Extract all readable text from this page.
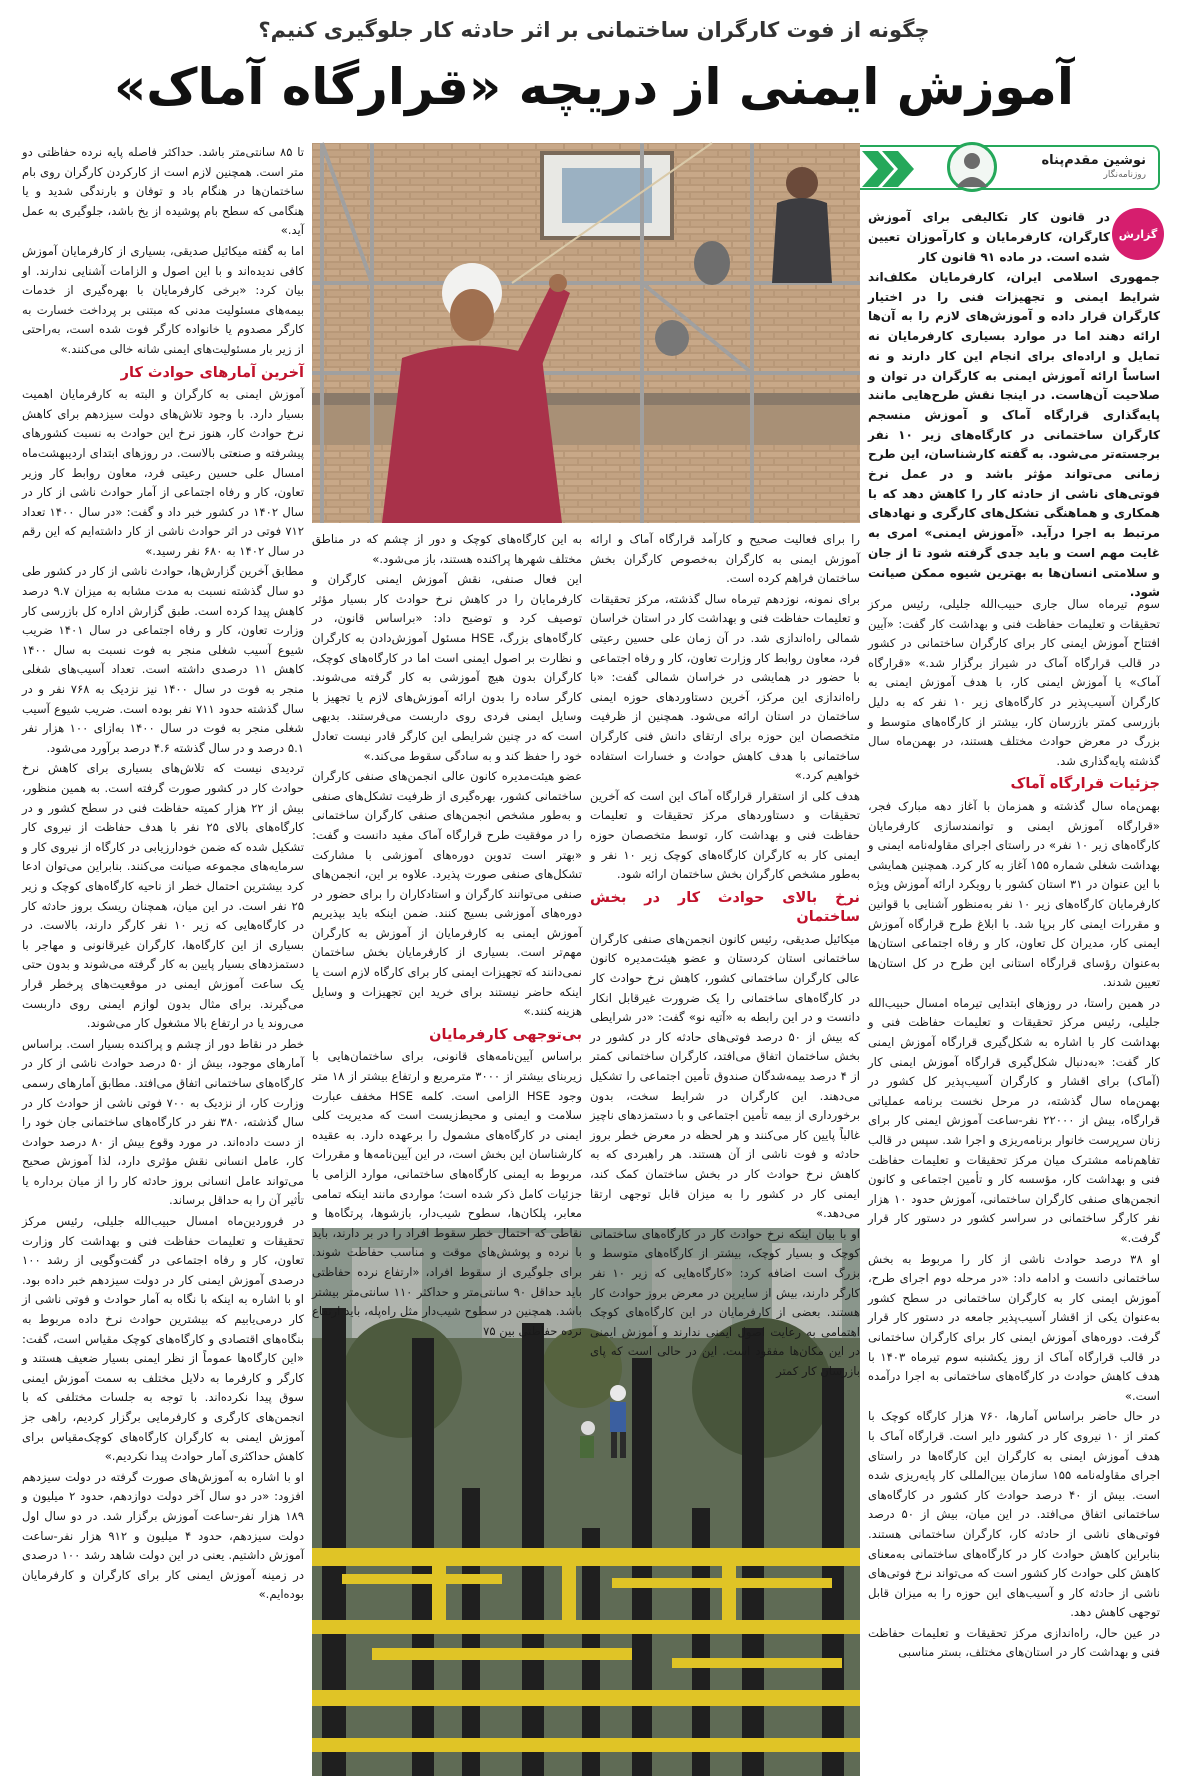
چگونه از فوت کارگران ساختمانی بر اثر حادثه کار جلوگیری کنیم؟
آموزش ایمنی از دریچه «قرارگاه آماک»
نوشین مقدم‌پناه
روزنامه‌نگار
گزارش
در قانون کار تکالیفی برای آموزش کارگران، کارفرمایان و کارآموزان تعیین شده است. در ماده ۹۱ قانون کار
جمهوری اسلامی ایران، کارفرمایان مکلف‌اند شرایط ایمنی و تجهیزات فنی را در اختیار کارگران قرار داده و آموزش‌های لازم را به آن‌ها ارائه دهند اما در موارد بسیاری کارفرمایان نه تمایل و اراده‌ای برای انجام این کار دارند و نه اساساً ارائه آموزش ایمنی به کارگران در توان و صلاحیت آن‌هاست. در اینجا نقش طرح‌هایی مانند پایه‌گذاری قرارگاه آماک و آموزش منسجم کارگران ساختمانی در کارگاه‌های زیر ۱۰ نفر برجسته‌تر می‌شود. به گفته کارشناسان، این طرح زمانی می‌تواند مؤثر باشد و در عمل نرخ فوتی‌های ناشی از حادثه کار را کاهش دهد که با همکاری و هماهنگی تشکل‌های کارگری و نهادهای مرتبط به اجرا درآید. «آموزش ایمنی» امری به غایت مهم است و باید جدی گرفته شود تا از جان و سلامتی انسان‌ها به بهترین شیوه ممکن صیانت شود.

سوم تیرماه سال جاری حبیب‌الله جلیلی، رئیس مرکز تحقیقات و تعلیمات حفاظت فنی و بهداشت کار گفت: «آیین افتتاح آموزش ایمنی کار برای کارگران ساختمانی در کشور در قالب قرارگاه آماک در شیراز برگزار شد.» «قرارگاه آماک» یا آموزش ایمنی کار، با هدف آموزش ایمنی به کارگران آسیب‌پذیر در کارگاه‌های زیر ۱۰ نفر که به دلیل بازرسی کمتر بازرسان کار، بیشتر از کارگاه‌های متوسط و بزرگ در معرض حوادث مختلف هستند، در بهمن‌ماه سال گذشته پایه‌گذاری شد.

جزئیات قرارگاه آماک

بهمن‌ماه سال گذشته و همزمان با آغاز دهه مبارک فجر، «قرارگاه آموزش ایمنی و توانمندسازی کارفرمایان کارگاه‌های زیر ۱۰ نفر» در راستای اجرای مقاوله‌نامه ایمنی و بهداشت شغلی شماره ۱۵۵ آغاز به کار کرد. همچنین همایشی با این عنوان در ۳۱ استان کشور با رویکرد ارائه آموزش ویژه کارفرمایان کارگاه‌های زیر ۱۰ نفر به‌منظور آشنایی با قوانین و مقررات ایمنی کار برپا شد. با ابلاغ طرح قرارگاه آموزش ایمنی کار، مدیران کل تعاون، کار و رفاه اجتماعی استان‌ها به‌عنوان رؤسای قرارگاه استانی این طرح در کل استان‌ها تعیین شدند.

در همین راستا، در روزهای ابتدایی تیرماه امسال حبیب‌الله جلیلی، رئیس مرکز تحقیقات و تعلیمات حفاظت فنی و بهداشت کار با اشاره به شکل‌گیری قرارگاه آموزش ایمنی کار گفت: «به‌دنبال شکل‌گیری قرارگاه آموزش ایمنی کار (آماک) برای اقشار و کارگران آسیب‌پذیر کل کشور در بهمن‌ماه سال گذشته، در مرحل نخست برنامه عملیاتی قرارگاه، بیش از ۲۲۰۰۰ نفر-ساعت آموزش ایمنی کار برای زنان سرپرست خانوار برنامه‌ریزی و اجرا شد. سپس در قالب تفاهم‌نامه مشترک میان مرکز تحقیقات و تعلیمات حفاظت فنی و بهداشت کار، مؤسسه کار و تأمین اجتماعی و کانون انجمن‌های صنفی کارگران ساختمانی، آموزش حدود ۱۰ هزار نفر کارگر ساختمانی در سراسر کشور در دستور کار قرار گرفت.»

او ۳۸ درصد حوادث ناشی از کار را مربوط به بخش ساختمانی دانست و ادامه داد: «در مرحله دوم اجرای طرح، آموزش ایمنی کار به کارگران ساختمانی در سطح کشور به‌عنوان یکی از اقشار آسیب‌پذیر جامعه در دستور کار قرار گرفت. دوره‌های آموزش ایمنی کار برای کارگران ساختمانی در قالب قرارگاه آماک از روز یکشنبه سوم تیرماه ۱۴۰۳ با هدف کاهش حوادث در کارگاه‌های ساختمانی به اجرا درآمده است.»

در حال حاضر براساس آمارها، ۷۶۰ هزار کارگاه کوچک با کمتر از ۱۰ نیروی کار در کشور دایر است. قرارگاه آماک با هدف آموزش ایمنی به کارگران این کارگاه‌ها در راستای اجرای مقاوله‌نامه ۱۵۵ سازمان بین‌المللی کار پایه‌ریزی شده است. بیش از ۴۰ درصد حوادث کار کشور در کارگاه‌های ساختمانی اتفاق می‌افتد. در این میان، بیش از ۵۰ درصد فوتی‌های ناشی از حادثه کار، کارگران ساختمانی هستند. بنابراین کاهش حوادث کار در کارگاه‌های ساختمانی به‌معنای کاهش کلی حوادث کار کشور است که می‌تواند نرخ فوتی‌های ناشی از حادثه کار و آسیب‌های این حوزه را به میزان قابل توجهی کاهش دهد.

در عین حال، راه‌اندازی مرکز تحقیقات و تعلیمات حفاظت فنی و بهداشت کار در استان‌های مختلف، بستر مناسبی

را برای فعالیت صحیح و کارآمد قرارگاه آماک و ارائه آموزش ایمنی به کارگران به‌خصوص کارگران بخش ساختمان فراهم کرده است.

برای نمونه، نوزدهم تیرماه سال گذشته، مرکز تحقیقات و تعلیمات حفاظت فنی و بهداشت کار در استان خراسان شمالی راه‌اندازی شد. در آن زمان علی حسین رعیتی فرد، معاون روابط کار وزارت تعاون، کار و رفاه اجتماعی با حضور در همایشی در خراسان شمالی گفت: «با راه‌اندازی این مرکز، آخرین دستاوردهای حوزه ایمنی ساختمان در استان ارائه می‌شود. همچنین از ظرفیت متخصصان این حوزه برای ارتقای دانش فنی کارگران ساختمانی با هدف کاهش حوادث و خسارات استفاده خواهیم کرد.»

هدف کلی از استقرار قرارگاه آماک این است که آخرین تحقیقات و دستاوردهای مرکز تحقیقات و تعلیمات حفاظت فنی و بهداشت کار، توسط متخصصان حوزه ایمنی کار به کارگران کارگاه‌های کوچک زیر ۱۰ نفر و به‌طور مشخص کارگران بخش ساختمان ارائه شود.

نرخ بالای حوادث کار در بخش ساختمان

میکائیل صدیقی، رئیس کانون انجمن‌های صنفی کارگران ساختمانی استان کردستان و عضو هیئت‌مدیره کانون عالی کارگران ساختمانی کشور، کاهش نرخ حوادث کار در کارگاه‌های ساختمانی را یک ضرورت غیرقابل انکار دانست و در این رابطه به «آتیه نو» گفت: «در شرایطی که بیش از ۵۰ درصد فوتی‌های حادثه کار در کشور در بخش ساختمان اتفاق می‌افتد، کارگران ساختمانی کمتر از ۴ درصد بیمه‌شدگان صندوق تأمین اجتماعی را تشکیل می‌دهند. این کارگران در شرایط سخت، بدون برخورداری از بیمه تأمین اجتماعی و با دستمزدهای ناچیز غالباً پایین کار می‌کنند و هر لحظه در معرض خطر بروز حادثه و فوت ناشی از آن هستند. هر راهبردی که به کاهش نرخ حوادث کار در بخش ساختمان کمک کند، ایمنی کار در کشور را به میزان قابل توجهی ارتقا می‌دهد.»

او با بیان اینکه نرخ حوادث کار در کارگاه‌های ساختمانی کوچک و بسیار کوچک، بیشتر از کارگاه‌های متوسط و بزرگ است اضافه کرد: «کارگاه‌هایی که زیر ۱۰ نفر کارگر دارند، بیش از سایرین در معرض بروز حوادث کار هستند. بعضی از کارفرمایان در این کارگاه‌های کوچک اهتمامی به رعایت اصول ایمنی ندارند و آموزش ایمنی در این مکان‌ها مفقود است. این در حالی است که پای بازرسان کار کمتر

به این کارگاه‌های کوچک و دور از چشم که در مناطق مختلف شهرها پراکنده هستند، باز می‌شود.»

این فعال صنفی، نقش آموزش ایمنی کارگران و کارفرمایان را در کاهش نرخ حوادث کار بسیار مؤثر توصیف کرد و توضیح داد: «براساس قانون، در کارگاه‌های بزرگ، HSE مسئول آموزش‌دادن به کارگران و نظارت بر اصول ایمنی است اما در کارگاه‌های کوچک، کارگران بدون هیچ آموزشی به کار گرفته می‌شوند. کارگر ساده را بدون ارائه آموزش‌های لازم یا تجهیز با وسایل ایمنی فردی روی داربست می‌فرستند. بدیهی است که در چنین شرایطی این کارگر قادر نیست تعادل خود را حفظ کند و به سادگی سقوط می‌کند.»

عضو هیئت‌مدیره کانون عالی انجمن‌های صنفی کارگران ساختمانی کشور، بهره‌گیری از ظرفیت تشکل‌های صنفی و به‌طور مشخص انجمن‌های صنفی کارگران ساختمانی را در موفقیت طرح قرارگاه آماک مفید دانست و گفت: «بهتر است تدوین دوره‌های آموزشی با مشارکت تشکل‌های صنفی صورت پذیرد. علاوه بر این، انجمن‌های صنفی می‌توانند کارگران و استادکاران را برای حضور در دوره‌های آموزشی بسیج کنند. ضمن اینکه باید بپذیریم آموزش ایمنی به کارفرمایان از آموزش به کارگران مهم‌تر است. بسیاری از کارفرمایان بخش ساختمان نمی‌دانند که تجهیزات ایمنی کار برای کارگاه لازم است یا اینکه حاضر نیستند برای خرید این تجهیزات و وسایل هزینه کنند.»

بی‌توجهی کارفرمایان

براساس آیین‌نامه‌های قانونی، برای ساختمان‌هایی با زیربنای بیشتر از ۳۰۰۰ مترمربع و ارتفاع بیشتر از ۱۸ متر وجود HSE الزامی است. کلمه HSE مخفف عبارت سلامت و ایمنی و محیط‌زیست است که مدیریت کلی ایمنی در کارگاه‌های مشمول را برعهده دارد. به عقیده کارشناسان این بخش است، در این آیین‌نامه‌ها و مقررات مربوط به ایمنی کارگاه‌های ساختمانی، موارد الزامی با جزئیات کامل ذکر شده است؛ مواردی مانند اینکه تمامی معابر، پلکان‌ها، سطوح شیب‌دار، بازشوها، پرتگاه‌ها و نقاطی که احتمال خطر سقوط افراد را در بر دارند، باید با نرده و پوشش‌های موقت و مناسب حفاظت شوند. برای جلوگیری از سقوط افراد، «ارتفاع نرده حفاظتی باید حداقل ۹۰ سانتی‌متر و حداکثر ۱۱۰ سانتی‌متر بیشتر باشد. همچنین در سطوح شیب‌دار مثل راه‌پله، باید ارتفاع نرده حفاظتی بین ۷۵

تا ۸۵ سانتی‌متر باشد. حداکثر فاصله پایه نرده حفاظتی دو متر است. همچنین لازم است از کارکردن کارگران روی بام ساختمان‌ها در هنگام باد و توفان و بارندگی شدید و یا هنگامی که سطح بام پوشیده از یخ باشد، جلوگیری به عمل آید.»

اما به گفته میکائیل صدیقی، بسیاری از کارفرمایان آموزش کافی ندیده‌اند و با این اصول و الزامات آشنایی ندارند. او بیان کرد: «برخی کارفرمایان با بهره‌گیری از خدمات بیمه‌های مسئولیت مدنی که مبتنی بر پرداخت خسارت به کارگر مصدوم یا خانواده کارگر فوت شده است، به‌راحتی از زیر بار مسئولیت‌های ایمنی شانه خالی می‌کنند.»

آخرین آمارهای حوادث کار

آموزش ایمنی به کارگران و البته به کارفرمایان اهمیت بسیار دارد. با وجود تلاش‌های دولت سیزدهم برای کاهش نرخ حوادث کار، هنوز نرخ این حوادث به نسبت کشورهای پیشرفته و صنعتی بالاست. در روزهای ابتدای اردیبهشت‌ماه امسال علی حسین رعیتی فرد، معاون روابط کار وزیر تعاون، کار و رفاه اجتماعی از آمار حوادث ناشی از کار در سال ۱۴۰۲ در کشور خبر داد و گفت: «در سال ۱۴۰۰ تعداد ۷۱۲ فوتی در اثر حوادث ناشی از کار داشته‌ایم که این رقم در سال ۱۴۰۲ به ۶۸۰ نفر رسید.»

مطابق آخرین گزارش‌ها، حوادث ناشی از کار در کشور طی دو سال گذشته نسبت به مدت مشابه به میزان ۹.۷ درصد کاهش پیدا کرده است. طبق گزارش اداره کل بازرسی کار وزارت تعاون، کار و رفاه اجتماعی در سال ۱۴۰۱ ضریب شیوع آسیب شغلی منجر به فوت نسبت به سال ۱۴۰۰ کاهش ۱۱ درصدی داشته است. تعداد آسیب‌های شغلی منجر به فوت در سال ۱۴۰۰ نیز نزدیک به ۷۶۸ نفر و در سال گذشته حدود ۷۱۱ نفر بوده است. ضریب شیوع آسیب شغلی منجر به فوت در سال ۱۴۰۰ به‌ازای ۱۰۰ هزار نفر ۵.۱ درصد و در سال گذشته ۴.۶ درصد برآورد می‌شود.

تردیدی نیست که تلاش‌های بسیاری برای کاهش نرخ حوادث کار در کشور صورت گرفته است. به همین منظور، بیش از ۲۲ هزار کمیته حفاظت فنی در سطح کشور و در کارگاه‌های بالای ۲۵ نفر با هدف حفاظت از نیروی کار تشکیل شده که ضمن خودارزیابی در کارگاه از نیروی کار و سرمایه‌های مجموعه صیانت می‌کنند. بنابراین می‌توان ادعا کرد بیشترین احتمال خطر از ناحیه کارگاه‌های کوچک و زیر ۲۵ نفر است. در این میان، همچنان ریسک بروز حادثه کار در کارگاه‌هایی که زیر ۱۰ نفر کارگر دارند، بالاست. در بسیاری از این کارگاه‌ها، کارگران غیرقانونی و مهاجر با دستمزدهای بسیار پایین به کار گرفته می‌شوند و بدون حتی یک ساعت آموزش ایمنی در موقعیت‌های پرخطر قرار می‌گیرند. برای مثال بدون لوازم ایمنی روی داربست می‌روند یا در ارتفاع بالا مشغول کار می‌شوند.

خطر در نقاط دور از چشم و پراکنده بسیار است. براساس آمارهای موجود، بیش از ۵۰ درصد حوادث ناشی از کار در کارگاه‌های ساختمانی اتفاق می‌افتد. مطابق آمارهای رسمی وزارت کار، از نزدیک به ۷۰۰ فوتی ناشی از حوادث کار در سال گذشته، ۳۸۰ نفر در کارگاه‌های ساختمانی جان خود را از دست داده‌اند. در مورد وقوع بیش از ۸۰ درصد حوادث کار، عامل انسانی نقش مؤثری دارد، لذا آموزش صحیح می‌تواند عامل انسانی بروز حادثه کار را از میان برداره یا تأثیر آن را به حداقل برساند.

در فروردین‌ماه امسال حبیب‌الله جلیلی، رئیس مرکز تحقیقات و تعلیمات حفاظت فنی و بهداشت کار وزارت تعاون، کار و رفاه اجتماعی در گفت‌وگویی از رشد ۱۰۰ درصدی آموزش ایمنی کار در دولت سیزدهم خبر داده بود. او با اشاره به اینکه با نگاه به آمار حوادث و فوتی ناشی از کار درمی‌یابیم که بیشترین حوادث نرخ داده مربوط به بنگاه‌های اقتصادی و کارگاه‌های کوچک مقیاس است، گفت: «این کارگاه‌ها عموماً از نظر ایمنی بسیار ضعیف هستند و کارگر و کارفرما به دلایل مختلف به سمت آموزش ایمنی سوق پیدا نکرده‌اند. با توجه به جلسات مختلفی که با انجمن‌های کارگری و کارفرمایی برگزار کردیم، راهی جز آموزش ایمنی به کارگران کارگاه‌های کوچک‌مقیاس برای کاهش حداکثری آمار حوادث پیدا نکردیم.»

او با اشاره به آموزش‌های صورت گرفته در دولت سیزدهم افزود: «در دو سال آخر دولت دوازدهم، حدود ۲ میلیون و ۱۸۹ هزار نفر-ساعت آموزش برگزار شد. در دو سال اول دولت سیزدهم، حدود ۴ میلیون و ۹۱۲ هزار نفر-ساعت آموزش داشتیم. یعنی در این دولت شاهد رشد ۱۰۰ درصدی در زمینه آموزش ایمنی کار برای کارگران و کارفرمایان بوده‌ایم.»
